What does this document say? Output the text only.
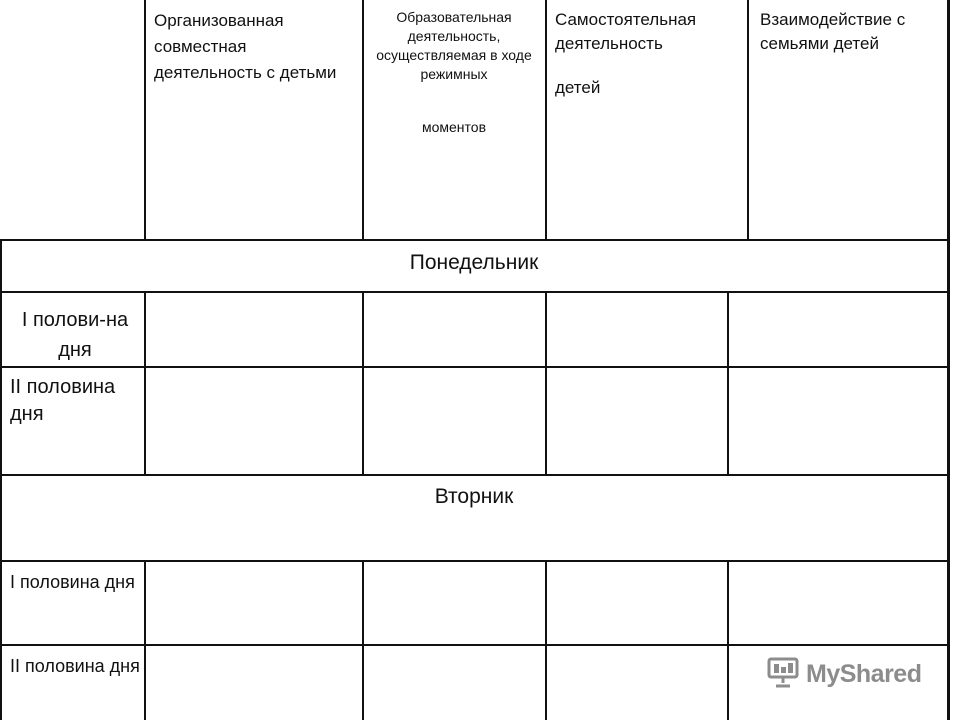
Организованная совместная деятельность с детьми
Образовательная деятельность, осуществляемая в ходе режимных
моментов
Самостоятельная деятельность
детей
Взаимодействие с семьями детей
Понедельник
Вторник
I полови-на дня
II половина дня
I половина дня
II половина дня	MyShared
